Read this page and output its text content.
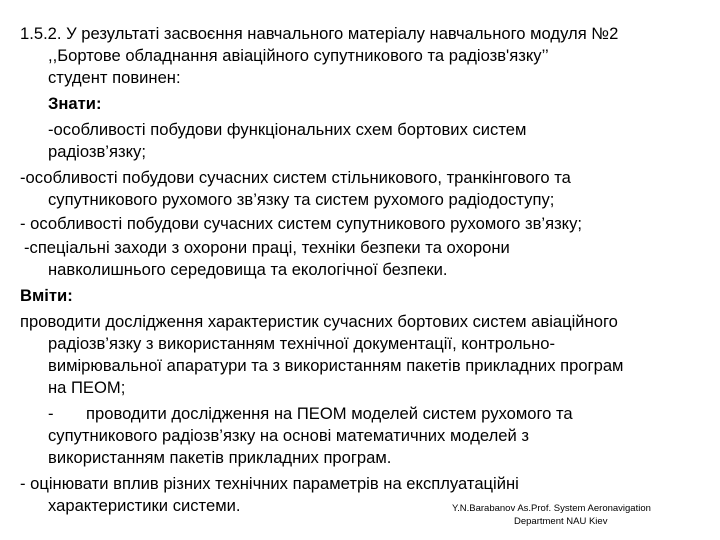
1.5.2. У результаті засвоєння навчального матеріалу навчального модуля №2
,,Бортове обладнання авіаційного супутникового та радіозв'язку’’
студент повинен:
Знати:
-особливості побудови функціональних схем бортових систем
радіозв’язку;
-особливості побудови сучасних систем стільникового, транкінгового та
супутникового рухомого зв’язку та систем рухомого радіодоступу;
- особливості побудови сучасних систем супутникового рухомого зв’язку;
-спеціальні заходи з охорони праці, техніки безпеки та охорони
навколишнього середовища та екологічної безпеки.
Вміти:
проводити дослідження характеристик сучасних бортових систем авіаційного
радіозв’язку з використанням технічної документації, контрольно-
вимірювальної апаратури та з використанням пакетів прикладних програм
на ПЕОМ;
- проводити дослідження на ПЕОМ моделей систем рухомого та
супутникового радіозв’язку на основі математичних моделей з
використанням пакетів прикладних програм.
- оцінювати вплив різних технічних параметрів на експлуатаційні
характеристики системи.	Y.N.Barabanov As.Prof. System Aeronavigation
Department NAU Kiev
